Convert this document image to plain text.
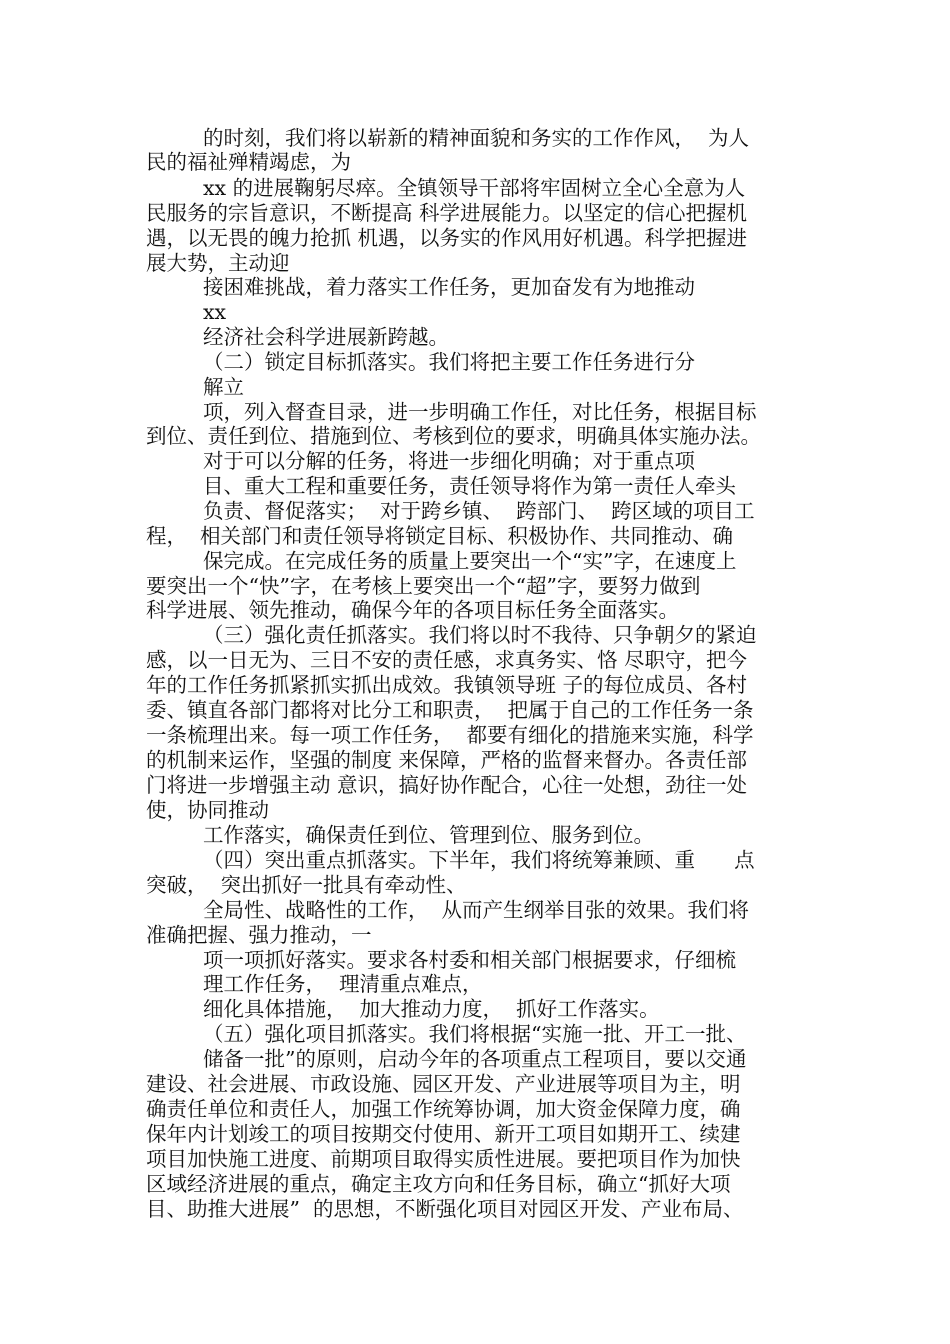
的时刻，我们将以崭新的精神面貌和务实的工作作风，  为人

民的福祉殚精竭虑，为

xx 的进展鞠躬尽瘁。全镇领导干部将牢固树立全心全意为人

民服务的宗旨意识，不断提高 科学进展能力。以坚定的信心把握机

遇，以无畏的魄力抢抓 机遇，以务实的作风用好机遇。科学把握进

展大势，主动迎

接困难挑战，着力落实工作任务，更加奋发有为地推动

xx

经济社会科学进展新跨越。

（二）锁定目标抓落实。我们将把主要工作任务进行分

解立

项，列入督查目录，进一步明确工作任，对比任务，根据目标

到位、责任到位、措施到位、考核到位的要求，明确具体实施办法。

对于可以分解的任务，将进一步细化明确；对于重点项

目、重大工程和重要任务，责任领导将作为第一责任人牵头

负责、督促落实；  对于跨乡镇、  跨部门、  跨区域的项目工

程，  相关部门和责任领导将锁定目标、积极协作、共同推动、确

保完成。在完成任务的质量上要突出一个“实”字，在速度上

要突出一个“快”字，在考核上要突出一个“超”字，要努力做到

科学进展、领先推动，确保今年的各项目标任务全面落实。

（三）强化责任抓落实。我们将以时不我待、只争朝夕的紧迫

感，以一日无为、三日不安的责任感，求真务实、恪 尽职守，把今

年的工作任务抓紧抓实抓出成效。我镇领导班 子的每位成员、各村

委、镇直各部门都将对比分工和职责，  把属于自己的工作任务一条

一条梳理出来。每一项工作任务，  都要有细化的措施来实施，科学

的机制来运作，坚强的制度 来保障，严格的监督来督办。各责任部

门将进一步增强主动 意识，搞好协作配合，心往一处想，劲往一处

使，协同推动

工作落实，确保责任到位、管理到位、服务到位。

（四）突出重点抓落实。下半年，我们将统筹兼顾、重      点

突破，  突出抓好一批具有牵动性、

全局性、战略性的工作，  从而产生纲举目张的效果。我们将

准确把握、强力推动，一

项一项抓好落实。要求各村委和相关部门根据要求，仔细梳

理工作任务，  理清重点难点，

细化具体措施，  加大推动力度，  抓好工作落实。

（五）强化项目抓落实。我们将根据“实施一批、开工一批、

储备一批”的原则，启动今年的各项重点工程项目，要以交通

建设、社会进展、市政设施、园区开发、产业进展等项目为主，明

确责任单位和责任人，加强工作统筹协调，加大资金保障力度，确

保年内计划竣工的项目按期交付使用、新开工项目如期开工、续建

项目加快施工进度、前期项目取得实质性进展。要把项目作为加快

区域经济进展的重点，确定主攻方向和任务目标，确立“抓好大项

目、助推大进展”  的思想，不断强化项目对园区开发、产业布局、
